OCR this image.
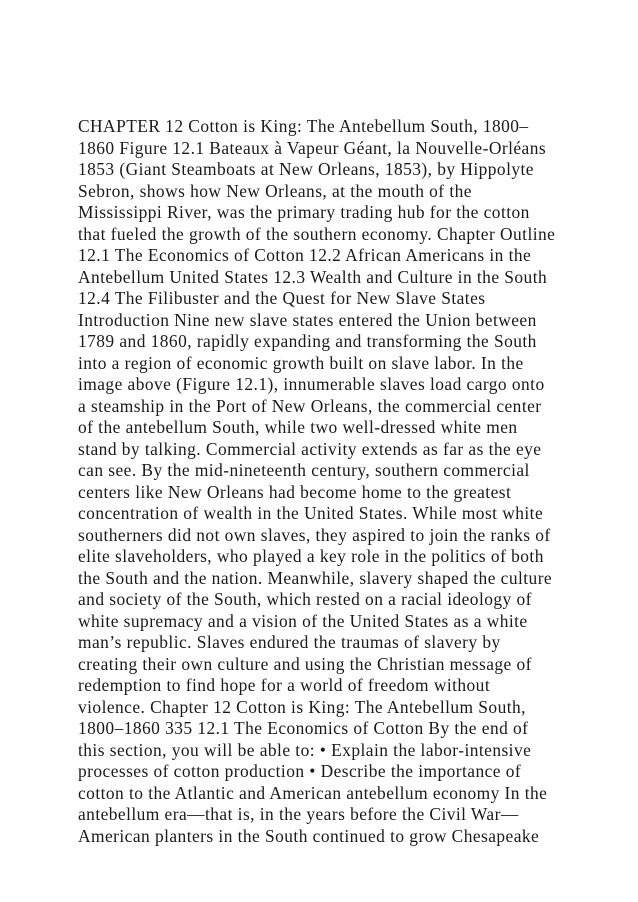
CHAPTER 12 Cotton is King: The Antebellum South, 1800–
1860 Figure 12.1 Bateaux à Vapeur Géant, la Nouvelle-Orléans
1853 (Giant Steamboats at New Orleans, 1853), by Hippolyte
Sebron, shows how New Orleans, at the mouth of the
Mississippi River, was the primary trading hub for the cotton
that fueled the growth of the southern economy. Chapter Outline
12.1 The Economics of Cotton 12.2 African Americans in the
Antebellum United States 12.3 Wealth and Culture in the South
12.4 The Filibuster and the Quest for New Slave States
Introduction Nine new slave states entered the Union between
1789 and 1860, rapidly expanding and transforming the South
into a region of economic growth built on slave labor. In the
image above (Figure 12.1), innumerable slaves load cargo onto
a steamship in the Port of New Orleans, the commercial center
of the antebellum South, while two well-dressed white men
stand by talking. Commercial activity extends as far as the eye
can see. By the mid-nineteenth century, southern commercial
centers like New Orleans had become home to the greatest
concentration of wealth in the United States. While most white
southerners did not own slaves, they aspired to join the ranks of
elite slaveholders, who played a key role in the politics of both
the South and the nation. Meanwhile, slavery shaped the culture
and society of the South, which rested on a racial ideology of
white supremacy and a vision of the United States as a white
man’s republic. Slaves endured the traumas of slavery by
creating their own culture and using the Christian message of
redemption to find hope for a world of freedom without
violence. Chapter 12 Cotton is King: The Antebellum South,
1800–1860 335 12.1 The Economics of Cotton By the end of
this section, you will be able to: • Explain the labor-intensive
processes of cotton production • Describe the importance of
cotton to the Atlantic and American antebellum economy In the
antebellum era—that is, in the years before the Civil War—
American planters in the South continued to grow Chesapeake
